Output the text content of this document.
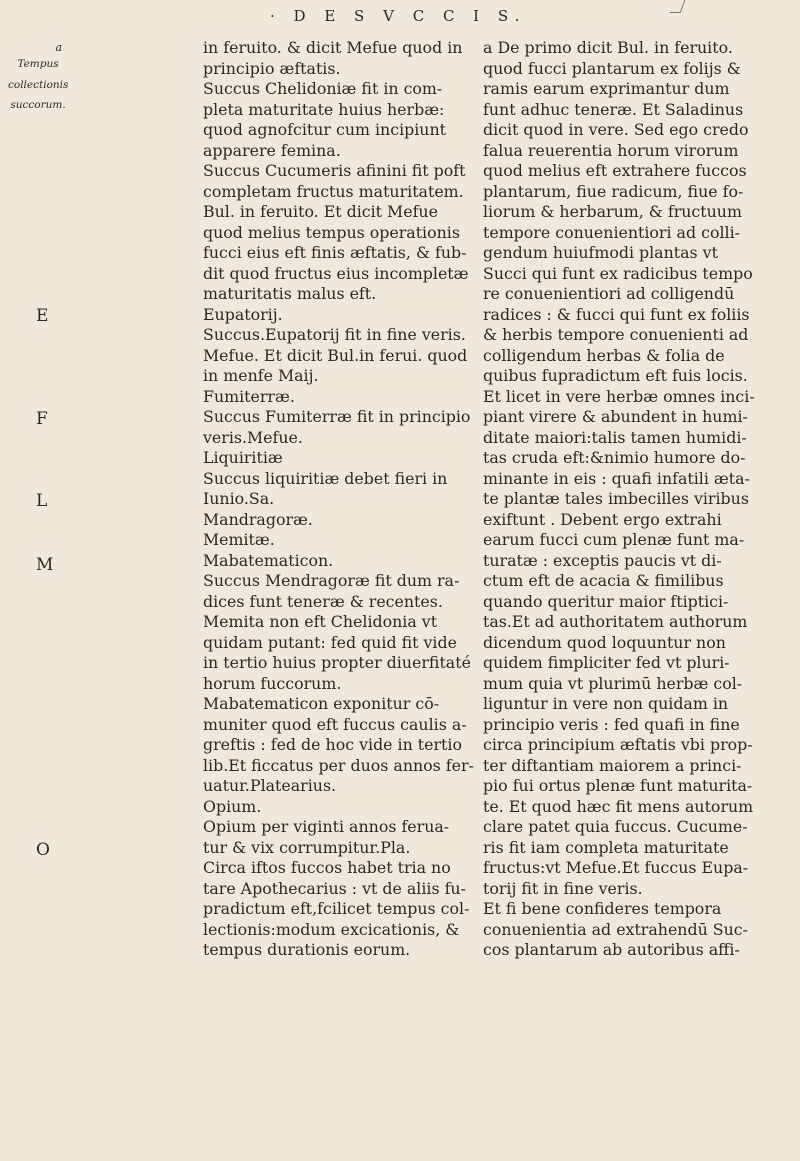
· D E S V C C I S.
a
Tempus
collectionis
succorum.
E
F
L
M
O
in feruito. & dicit Mefue quod in
principio æftatis.
Succus Chelidoniæ fit in com-
pleta maturitate huius herbæ:
quod agnofcitur cum incipiunt
apparere femina.
Succus Cucumeris afinini fit poft
completam fructus maturitatem.
Bul. in feruito. Et dicit Mefue
quod melius tempus operationis
fucci eius eft finis æftatis, & fub-
dit quod fructus eius incompletæ
maturitatis malus eft.
Eupatorij.
Succus.Eupatorij fit in fine veris.
Mefue. Et dicit Bul.in ferui. quod
in menfe Maij.
Fumiterræ.
Succus Fumiterræ fit in principio
veris.Mefue.
Liquiritiæ
Succus liquiritiæ debet fieri in
Iunio.Sa.
Mandragoræ.
Memitæ.
Mabatematicon.
Succus Mendragoræ fit dum ra-
dices funt teneræ & recentes.
Memita non eft Chelidonia vt
quidam putant: fed quid fit vide
in tertio huius propter diuerfitaté
horum fuccorum.
Mabatematicon exponitur cō-
muniter quod eft fuccus caulis a-
greftis : fed de hoc vide in tertio
lib.Et ficcatus per duos annos fer-
uatur.Platearius.
Opium.
Opium per viginti annos ferua-
tur & vix corrumpitur.Pla.
Circa iftos fuccos habet tria no
tare Apothecarius : vt de aliis fu-
pradictum eft,fcilicet tempus col-
lectionis:modum excicationis, &
tempus durationis eorum.
a De primo dicit Bul. in feruito.
quod fucci plantarum ex folijs &
ramis earum exprimantur dum
funt adhuc teneræ. Et Saladinus
dicit quod in vere. Sed ego credo
falua reuerentia horum virorum
quod melius eft extrahere fuccos
plantarum, fiue radicum, fiue fo-
liorum & herbarum, & fructuum
tempore conuenientiori ad colli-
gendum huiufmodi plantas vt
Succi qui funt ex radicibus tempo
re conuenientiori ad colligendū
radices : & fucci qui funt ex foliis
& herbis tempore conuenienti ad
colligendum herbas & folia de
quibus fupradictum eft fuis locis.
Et licet in vere herbæ omnes inci-
piant virere & abundent in humi-
ditate maiori:talis tamen humidi-
tas cruda eft:&nimio humore do-
minante in eis : quafi infatili æta-
te plantæ tales imbecilles viribus
exiftunt . Debent ergo extrahi
earum fucci cum plenæ funt ma-
turatæ : exceptis paucis vt di-
ctum eft de acacia & fimilibus
quando queritur maior ftiptici-
tas.Et ad authoritatem authorum
dicendum quod loquuntur non
quidem fimpliciter fed vt pluri-
mum quia vt plurimū herbæ col-
liguntur in vere non quidam in
principio veris : fed quafi in fine
circa principium æftatis vbi prop-
ter diftantiam maiorem a princi-
pio fui ortus plenæ funt maturita-
te. Et quod hæc fit mens autorum
clare patet quia fuccus. Cucume-
ris fit iam completa maturitate
fructus:vt Mefue.Et fuccus Eupa-
torij fit in fine veris.
Et fi bene confideres tempora
conuenientia ad extrahendū Suc-
cos plantarum ab autoribus affi-
